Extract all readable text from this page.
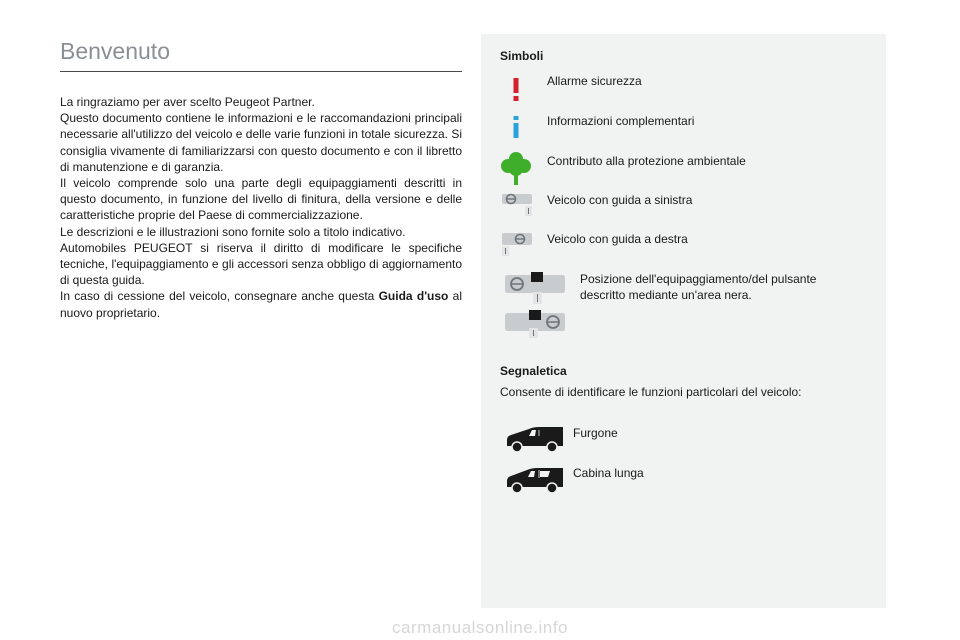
Benvenuto

La ringraziamo per aver scelto Peugeot Partner.

Questo documento contiene le informazioni e le raccomandazioni principali necessarie all'utilizzo del veicolo e delle varie funzioni in totale sicurezza. Si consiglia vivamente di familiarizzarsi con questo documento e con il libretto di manutenzione e di garanzia.

Il veicolo comprende solo una parte degli equipaggiamenti descritti in questo documento, in funzione del livello di finitura, della versione e delle caratteristiche proprie del Paese di commercializzazione.

Le descrizioni e le illustrazioni sono fornite solo a titolo indicativo.

Automobiles PEUGEOT si riserva il diritto di modificare le specifiche tecniche, l'equipaggiamento e gli accessori senza obbligo di aggiornamento di questa guida.

In caso di cessione del veicolo, consegnare anche questa Guida d'uso al nuovo proprietario.

Simboli
Allarme sicurezza
Informazioni complementari
Contributo alla protezione ambientale
Veicolo con guida a sinistra
Veicolo con guida a destra
Posizione dell'equipaggiamento/del pulsante descritto mediante un'area nera.
Segnaletica
Consente di identificare le funzioni particolari del veicolo:
Furgone
Cabina lunga
carmanualsonline.info
